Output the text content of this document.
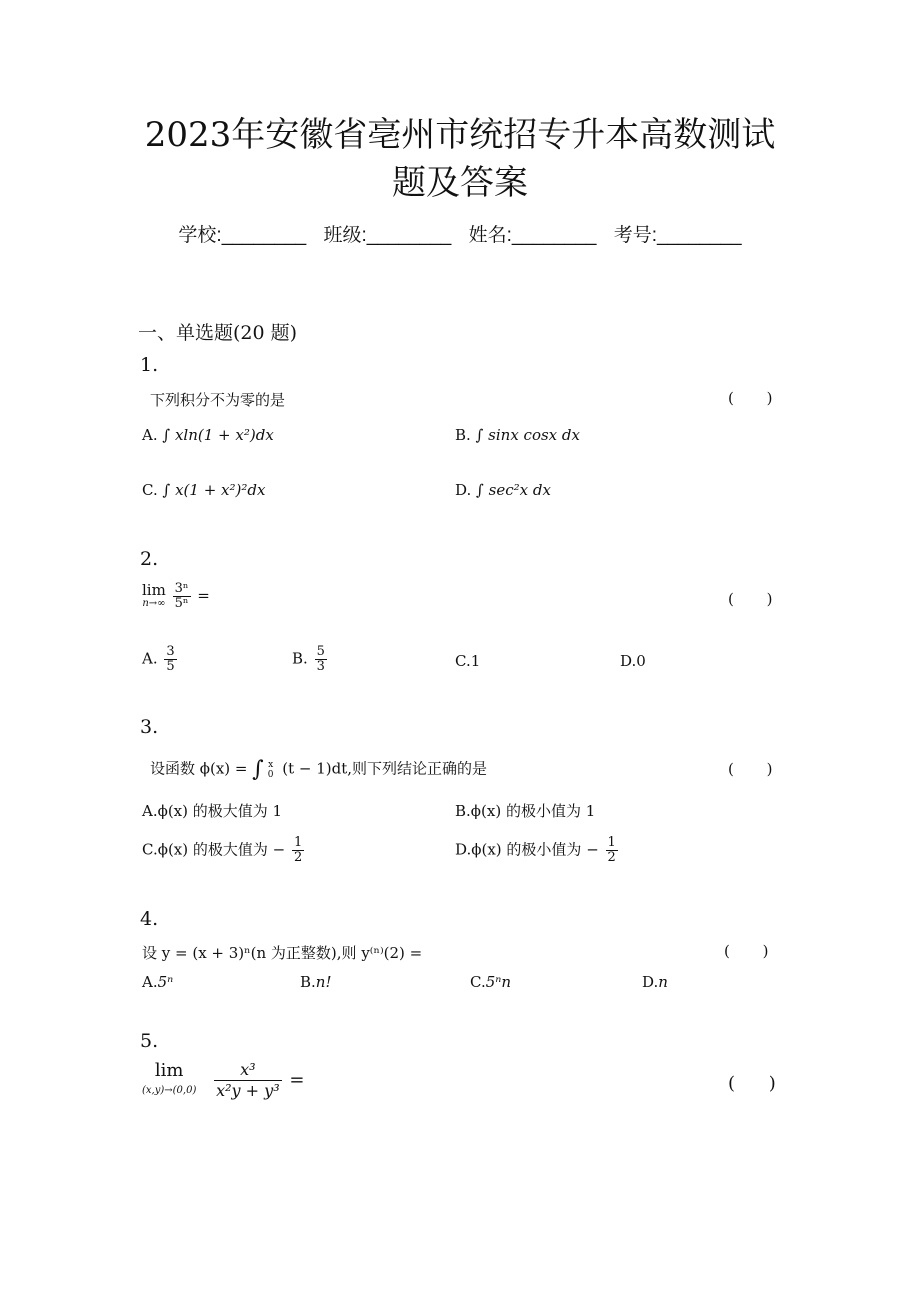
2023年安徽省亳州市统招专升本高数测试
题及答案
学校:________ 班级:________ 姓名:________ 考号:________
一、单选题(20 题)
1.
下列积分不为零的是	( )
A. ∫ xln(1 + x²)dx	B. ∫ sinx cosx dx
C. ∫ x(1 + x²)²dx	D. ∫ sec²x dx
2.
lim
n→∞
$\frac{\text{3ⁿ}}{\text{5ⁿ}}$ =	( )
A. $\frac{3}{5}$	B. $\frac{5}{3}$	C.1	D.0
3.
设函数 ϕ(x) = ∫ x
0 (t − 1)dt,则下列结论正确的是	( )
A.ϕ(x) 的极大值为 1	B.ϕ(x) 的极小值为 1
C.ϕ(x) 的极大值为 − $\frac{1}{2}$	D.ϕ(x) 的极小值为 − $\frac{1}{2}$
4.
设 y = (x + 3)ⁿ(n 为正整数),则 y⁽ⁿ⁾(2) =	( )
A.5ⁿ	B.n!	C.5ⁿn	D.n
5.
lim
(x,y)→(0,0)
$\frac{\text{x³}}{\text{x²y + y³}}$ =	( )
